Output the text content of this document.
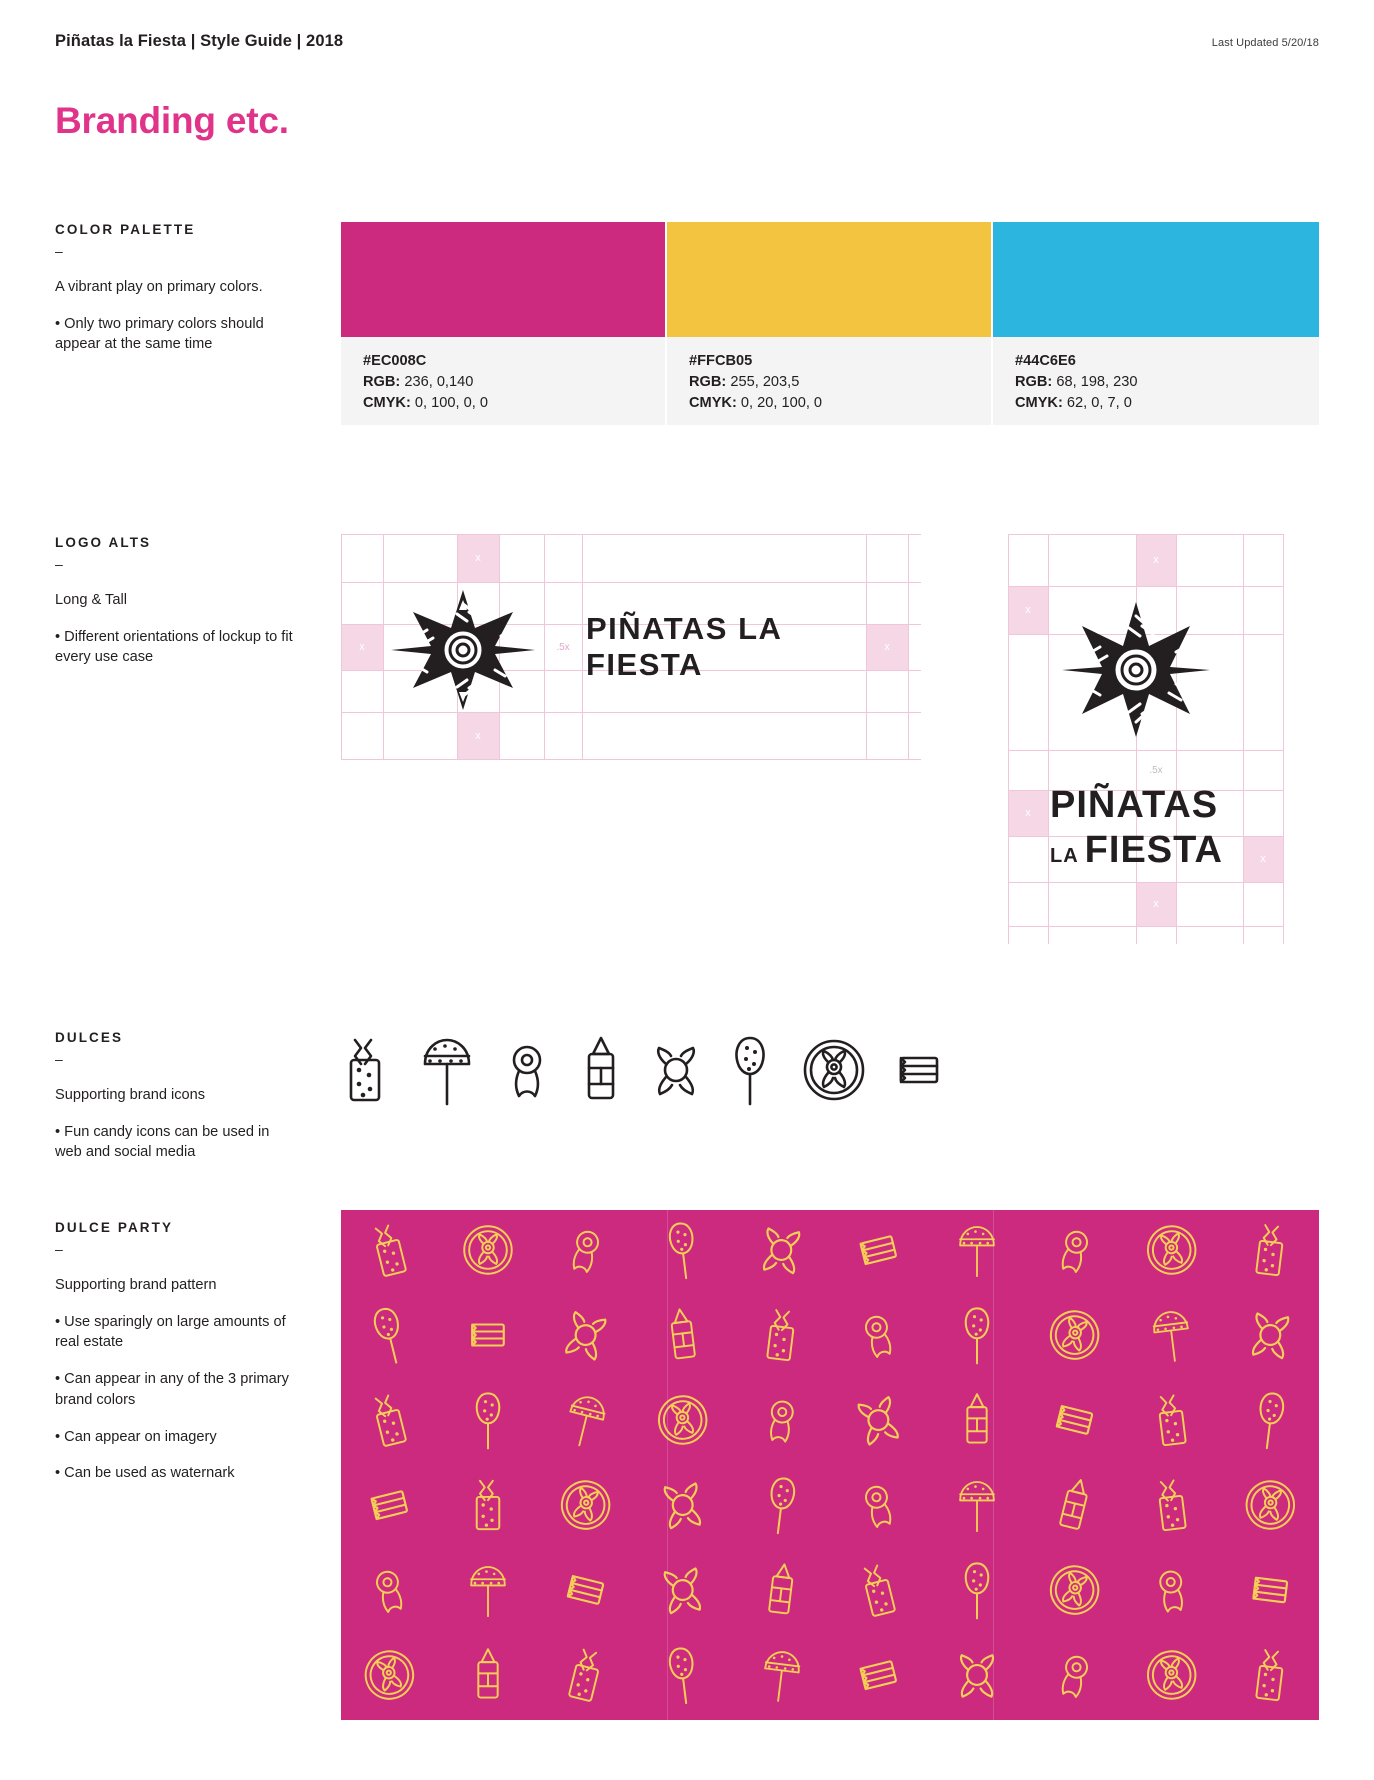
Piñatas la Fiesta | Style Guide | 2018	Last Updated 5/20/18
Branding etc.
COLOR PALETTE
–
A vibrant play on primary colors.
• Only two primary colors should appear at the same time
#EC008C
RGB: 236, 0,140
CMYK: 0, 100, 0, 0
#FFCB05
RGB: 255, 203,5
CMYK: 0, 20, 100, 0
#44C6E6
RGB: 68, 198, 230
CMYK: 62, 0, 7, 0
LOGO ALTS
–
Long & Tall
• Different orientations of lockup to fit every use case
x
x
x	x
.5x
PIÑATAS LA FIESTA
x
x
.5x
x
x
x
PIÑATAS
LA FIESTA
DULCES
–
Supporting brand icons
• Fun candy icons can be used in web and social media
DULCE PARTY
–
Supporting brand pattern
• Use sparingly on large amounts of real estate
• Can appear in any of the 3 primary brand colors
• Can appear on imagery
• Can be used as waternark
